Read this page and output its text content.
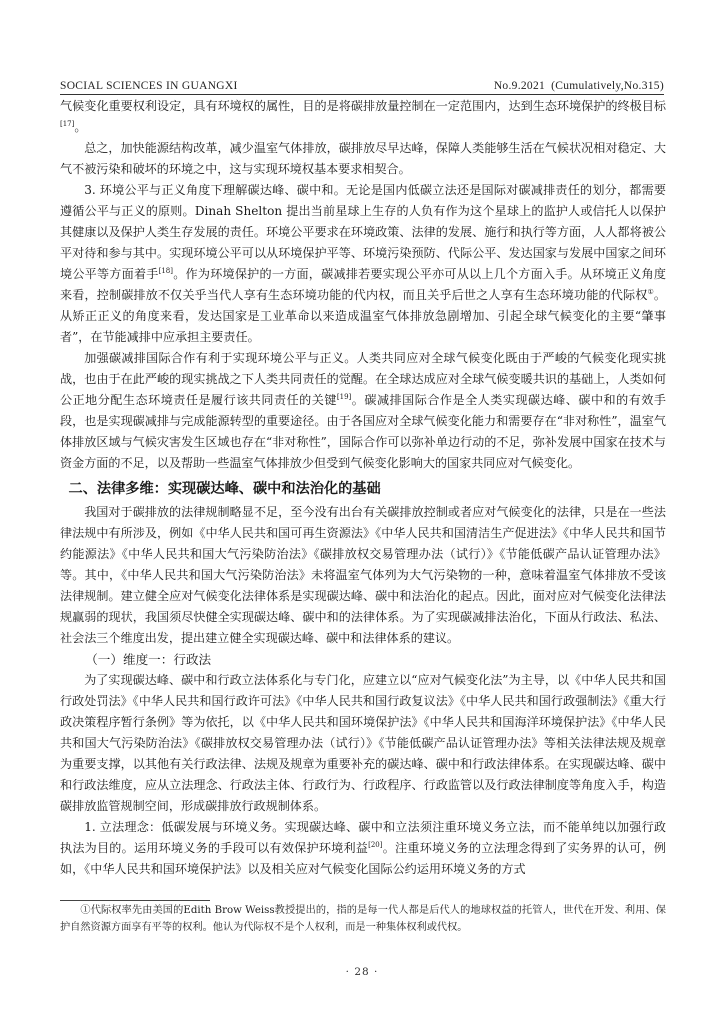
SOCIAL SCIENCES IN GUANGXI	No.9.2021 (Cumulatively,No.315)

气候变化重要权利设定，具有环境权的属性，目的是将碳排放量控制在一定范围内，达到生态环境保护的终极目标[17]。

总之，加快能源结构改革，减少温室气体排放，碳排放尽早达峰，保障人类能够生活在气候状况相对稳定、大气不被污染和破坏的环境之中，这与实现环境权基本要求相契合。

3. 环境公平与正义角度下理解碳达峰、碳中和。无论是国内低碳立法还是国际对碳减排责任的划分，都需要遵循公平与正义的原则。Dinah Shelton 提出当前星球上生存的人负有作为这个星球上的监护人或信托人以保护其健康以及保护人类生存发展的责任。环境公平要求在环境政策、法律的发展、施行和执行等方面，人人都将被公平对待和参与其中。实现环境公平可以从环境保护平等、环境污染预防、代际公平、发达国家与发展中国家之间环境公平等方面着手[18]。作为环境保护的一方面，碳减排若要实现公平亦可从以上几个方面入手。从环境正义角度来看，控制碳排放不仅关乎当代人享有生态环境功能的代内权，而且关乎后世之人享有生态环境功能的代际权①。从矫正正义的角度来看，发达国家是工业革命以来造成温室气体排放急剧增加、引起全球气候变化的主要“肇事者”，在节能减排中应承担主要责任。

加强碳减排国际合作有利于实现环境公平与正义。人类共同应对全球气候变化既由于严峻的气候变化现实挑战，也由于在此严峻的现实挑战之下人类共同责任的觉醒。在全球达成应对全球气候变暖共识的基础上，人类如何公正地分配生态环境责任是履行该共同责任的关键[19]。碳减排国际合作是全人类实现碳达峰、碳中和的有效手段，也是实现碳减排与完成能源转型的重要途径。由于各国应对全球气候变化能力和需要存在“非对称性”，温室气体排放区域与气候灾害发生区域也存在“非对称性”，国际合作可以弥补单边行动的不足，弥补发展中国家在技术与资金方面的不足，以及帮助一些温室气体排放少但受到气候变化影响大的国家共同应对气候变化。

二、法律多维：实现碳达峰、碳中和法治化的基础

我国对于碳排放的法律规制略显不足，至今没有出台有关碳排放控制或者应对气候变化的法律，只是在一些法律法规中有所涉及，例如《中华人民共和国可再生资源法》《中华人民共和国清洁生产促进法》《中华人民共和国节约能源法》《中华人民共和国大气污染防治法》《碳排放权交易管理办法（试行）》《节能低碳产品认证管理办法》等。其中，《中华人民共和国大气污染防治法》未将温室气体列为大气污染物的一种，意味着温室气体排放不受该法律规制。建立健全应对气候变化法律体系是实现碳达峰、碳中和法治化的起点。因此，面对应对气候变化法律法规赢弱的现状，我国须尽快健全实现碳达峰、碳中和的法律体系。为了实现碳减排法治化，下面从行政法、私法、社会法三个维度出发，提出建立健全实现碳达峰、碳中和法律体系的建议。

（一）维度一：行政法

为了实现碳达峰、碳中和行政立法体系化与专门化，应建立以“应对气候变化法”为主导，以《中华人民共和国行政处罚法》《中华人民共和国行政许可法》《中华人民共和国行政复议法》《中华人民共和国行政强制法》《重大行政决策程序暂行条例》等为依托，以《中华人民共和国环境保护法》《中华人民共和国海洋环境保护法》《中华人民共和国大气污染防治法》《碳排放权交易管理办法（试行）》《节能低碳产品认证管理办法》等相关法律法规及规章为重要支撑，以其他有关行政法律、法规及规章为重要补充的碳达峰、碳中和行政法律体系。在实现碳达峰、碳中和行政法维度，应从立法理念、行政法主体、行政行为、行政程序、行政监管以及行政法律制度等角度入手，构造碳排放监管规制空间，形成碳排放行政规制体系。

1. 立法理念：低碳发展与环境义务。实现碳达峰、碳中和立法须注重环境义务立法，而不能单纯以加强行政执法为目的。运用环境义务的手段可以有效保护环境利益[20]。注重环境义务的立法理念得到了实务界的认可，例如，《中华人民共和国环境保护法》以及相关应对气候变化国际公约运用环境义务的方式

①代际权率先由美国的Edith Brow Weiss教授提出的，指的是每一代人都是后代人的地球权益的托管人，世代在开发、利用、保护自然资源方面享有平等的权利。他认为代际权不是个人权利，而是一种集体权利或代权。
· 28 ·
